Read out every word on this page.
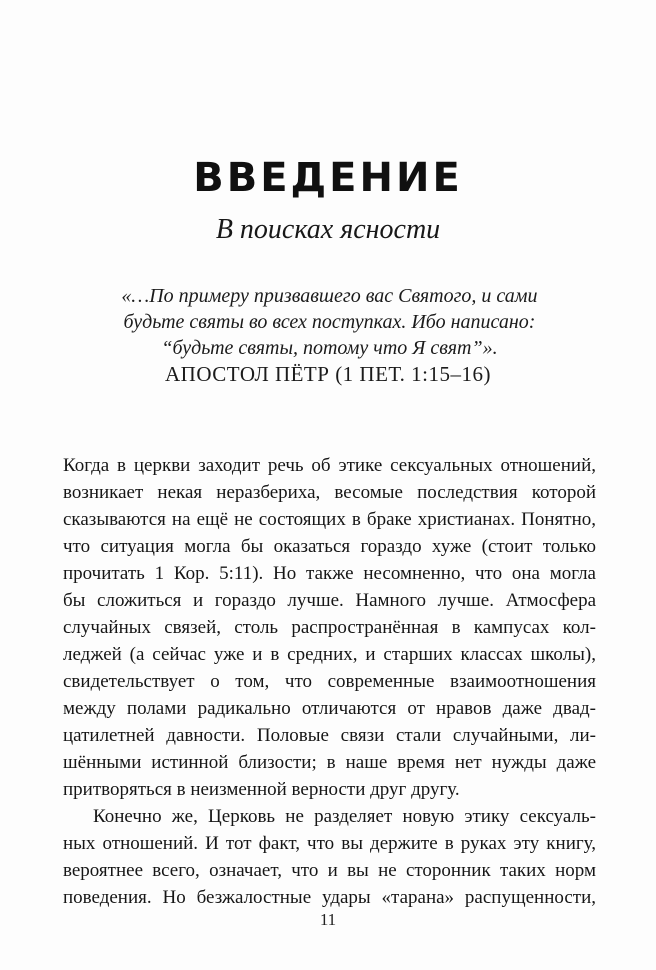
ВВЕДЕНИЕ
В поисках ясности
«…По примеру призвавшего вас Святого, и сами
будьте святы во всех поступках. Ибо написано:
“будьте святы, потому что Я свят”».
АПОСТОЛ ПЁТР (1 ПЕТ. 1:15–16)
Когда в церкви заходит речь об этике сексуальных отношений,
возникает некая неразбериха, весомые последствия которой
сказываются на ещё не состоящих в браке христианах. Понятно,
что ситуация могла бы оказаться гораздо хуже (стоит только
прочитать 1 Кор. 5:11). Но также несомненно, что она могла
бы сложиться и гораздо лучше. Намного лучше. Атмосфера
случайных связей, столь распространённая в кампусах кол-
леджей (а сейчас уже и в средних, и старших классах школы),
свидетельствует о том, что современные взаимоотношения
между полами радикально отличаются от нравов даже двад-
цатилетней давности. Половые связи стали случайными, ли-
шёнными истинной близости; в наше время нет нужды даже
притворяться в неизменной верности друг другу.
Конечно же, Церковь не разделяет новую этику сексуаль-
ных отношений. И тот факт, что вы держите в руках эту книгу,
вероятнее всего, означает, что и вы не сторонник таких норм
поведения. Но безжалостные удары «тарана» распущенности,
11
